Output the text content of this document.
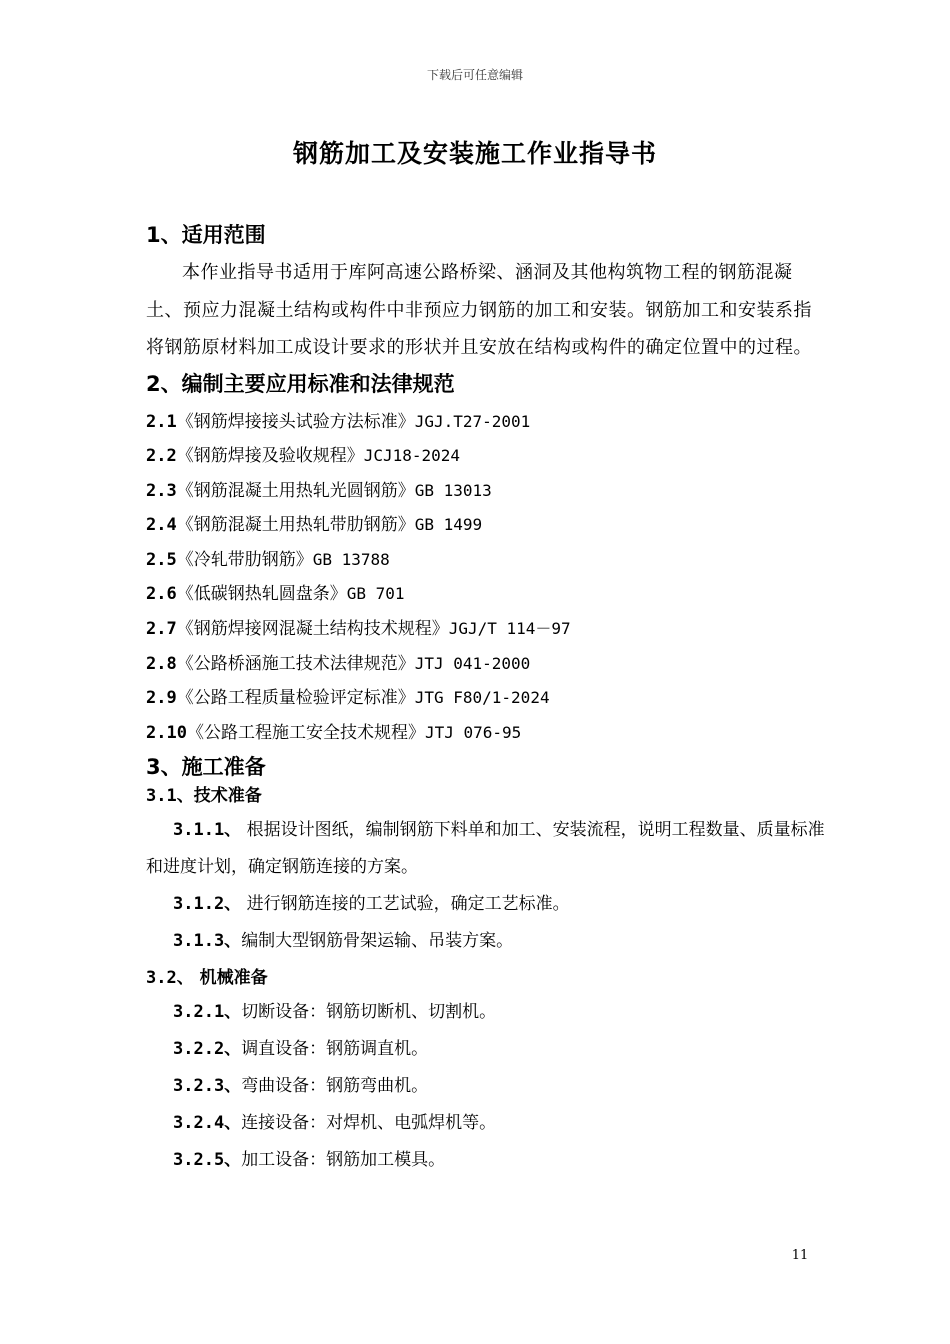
下载后可任意编辑
钢筋加工及安装施工作业指导书
1、适用范围

本作业指导书适用于库阿高速公路桥梁、涵洞及其他构筑物工程的钢筋混凝土、预应力混凝土结构或构件中非预应力钢筋的加工和安装。钢筋加工和安装系指将钢筋原材料加工成设计要求的形状并且安放在结构或构件的确定位置中的过程。

2、编制主要应用标准和法律规范
2.1《钢筋焊接接头试验方法标准》JGJ.T27-2001
2.2《钢筋焊接及验收规程》JCJ18-2024
2.3《钢筋混凝土用热轧光圆钢筋》GB 13013
2.4《钢筋混凝土用热轧带肋钢筋》GB 1499
2.5《冷轧带肋钢筋》GB 13788
2.6《低碳钢热轧圆盘条》GB 701
2.7《钢筋焊接网混凝土结构技术规程》JGJ/T 114－97
2.8《公路桥涵施工技术法律规范》JTJ 041-2000
2.9《公路工程质量检验评定标准》JTG F80/1-2024
2.10《公路工程施工安全技术规程》JTJ 076-95
3、施工准备
3.1、技术准备

3.1.1、 根据设计图纸，编制钢筋下料单和加工、安装流程，说明工程数量、质量标准和进度计划，确定钢筋连接的方案。

3.1.2、 进行钢筋连接的工艺试验，确定工艺标准。

3.1.3、编制大型钢筋骨架运输、吊装方案。

3.2、 机械准备

3.2.1、切断设备：钢筋切断机、切割机。

3.2.2、调直设备：钢筋调直机。

3.2.3、弯曲设备：钢筋弯曲机。

3.2.4、连接设备：对焊机、电弧焊机等。

3.2.5、加工设备：钢筋加工模具。

11
